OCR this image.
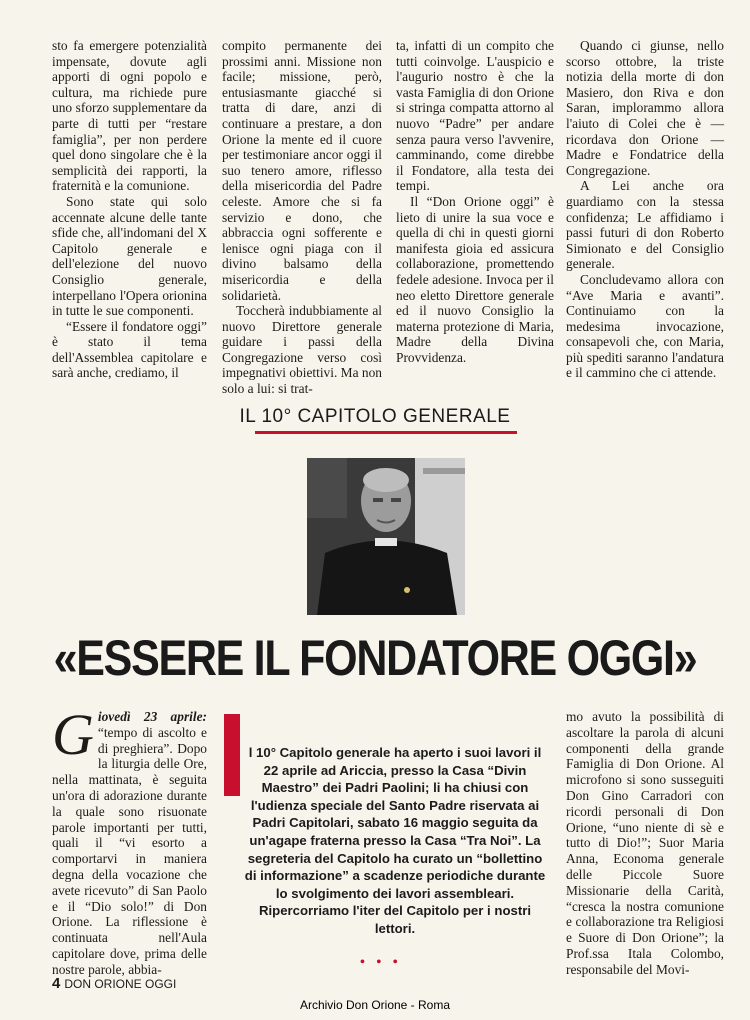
sto fa emergere potenzialità impensate, dovute agli apporti di ogni popolo e cultura, ma richiede pure uno sforzo supplementare da parte di tutti per “restare famiglia”, per non perdere quel dono singolare che è la semplicità dei rapporti, la fraternità e la comunione.

Sono state qui solo accennate alcune delle tante sfide che, all'indomani del X Capitolo generale e dell'elezione del nuovo Consiglio generale, interpellano l'Opera orionina in tutte le sue componenti.

“Essere il fondatore oggi” è stato il tema dell'Assemblea capitolare e sarà anche, crediamo, il

compito permanente dei prossimi anni. Missione non facile; missione, però, entusiasmante giacché si tratta di dare, anzi di continuare a prestare, a don Orione la mente ed il cuore per testimoniare ancor oggi il suo tenero amore, riflesso della misericordia del Padre celeste. Amore che si fa servizio e dono, che abbraccia ogni sofferente e lenisce ogni piaga con il divino balsamo della misericordia e della solidarietà.

Toccherà indubbiamente al nuovo Direttore generale guidare i passi della Congregazione verso così impegnativi obiettivi. Ma non solo a lui: si trat-

ta, infatti di un compito che tutti coinvolge. L'auspicio e l'augurio nostro è che la vasta Famiglia di don Orione si stringa compatta attorno al nuovo “Padre” per andare senza paura verso l'avvenire, camminando, come direbbe il Fondatore, alla testa dei tempi.

Il “Don Orione oggi” è lieto di unire la sua voce e quella di chi in questi giorni manifesta gioia ed assicura collaborazione, promettendo fedele adesione. Invoca per il neo eletto Direttore generale ed il nuovo Consiglio la materna protezione di Maria, Madre della Divina Provvidenza.

Quando ci giunse, nello scorso ottobre, la triste notizia della morte di don Masiero, don Riva e don Saran, implorammo allora l'aiuto di Colei che è — ricordava don Orione — Madre e Fondatrice della Congregazione.

A Lei anche ora guardiamo con la stessa confidenza; Le affidiamo i passi futuri di don Roberto Simionato e del Consiglio generale.

Concludevamo allora con “Ave Maria e avanti”. Continuiamo con la medesima invocazione, consapevoli che, con Maria, più spediti saranno l'andatura e il cammino che ci attende.

IL 10° CAPITOLO GENERALE
«ESSERE IL FONDATORE OGGI»
Giovedì 23 aprile: “tempo di ascolto e di preghiera”. Dopo la liturgia delle Ore, nella mattinata, è seguita un'ora di adorazione durante la quale sono risuonate parole importanti per tutti, quali il “vi esorto a comportarvi in maniera degna della vocazione che avete ricevuto” di San Paolo e il “Dio solo!” di Don Orione. La riflessione è continuata nell'Aula capitolare dove, prima delle nostre parole, abbia-
l 10° Capitolo generale ha aperto i suoi lavori il 22 aprile ad Ariccia, presso la Casa “Divin Maestro” dei Padri Paolini; li ha chiusi con l'udienza speciale del Santo Padre riservata ai Padri Capitolari, sabato 16 maggio seguita da un'agape fraterna presso la Casa “Tra Noi”. La segreteria del Capitolo ha curato un “bollettino di informazione” a scadenze periodiche durante lo svolgimento dei lavori assembleari. Ripercorriamo l'iter del Capitolo per i nostri lettori.
• • •
mo avuto la possibilità di ascoltare la parola di alcuni componenti della grande Famiglia di Don Orione. Al microfono si sono susseguiti Don Gino Carradori con ricordi personali di Don Orione, “uno niente di sè e tutto di Dio!”; Suor Maria Anna, Economa generale delle Piccole Suore Missionarie della Carità, “cresca la nostra comunione e collaborazione tra Religiosi e Suore di Don Orione”; la Prof.ssa Itala Colombo, responsabile del Movi-
4 DON ORIONE OGGI
Archivio Don Orione - Roma
